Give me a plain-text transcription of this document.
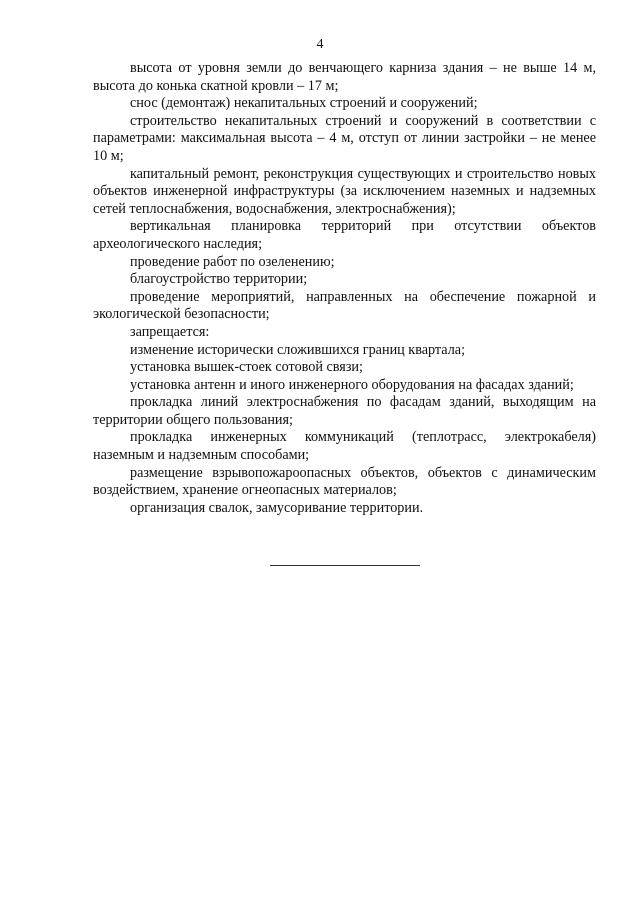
4

высота от уровня земли до венчающего карниза здания – не выше 14 м, высота до конька скатной кровли – 17 м;

снос (демонтаж) некапитальных строений и сооружений;

строительство некапитальных строений и сооружений в соответствии с параметрами: максимальная высота – 4 м, отступ от линии застройки – не менее 10 м;

капитальный ремонт, реконструкция существующих и строительство новых объектов инженерной инфраструктуры (за исключением наземных и надземных сетей теплоснабжения, водоснабжения, электроснабжения);

вертикальная планировка территорий при отсутствии объектов археологического наследия;

проведение работ по озеленению;

благоустройство территории;

проведение мероприятий, направленных на обеспечение пожарной и экологической безопасности;

запрещается:

изменение исторически сложившихся границ квартала;

установка вышек-стоек сотовой связи;

установка антенн и иного инженерного оборудования на фасадах зданий;

прокладка линий электроснабжения по фасадам зданий, выходящим на территории общего пользования;

прокладка инженерных коммуникаций (теплотрасс, электрокабеля) наземным и надземным способами;

размещение взрывопожароопасных объектов, объектов с динамическим воздействием, хранение огнеопасных материалов;

организация свалок, замусоривание территории.
